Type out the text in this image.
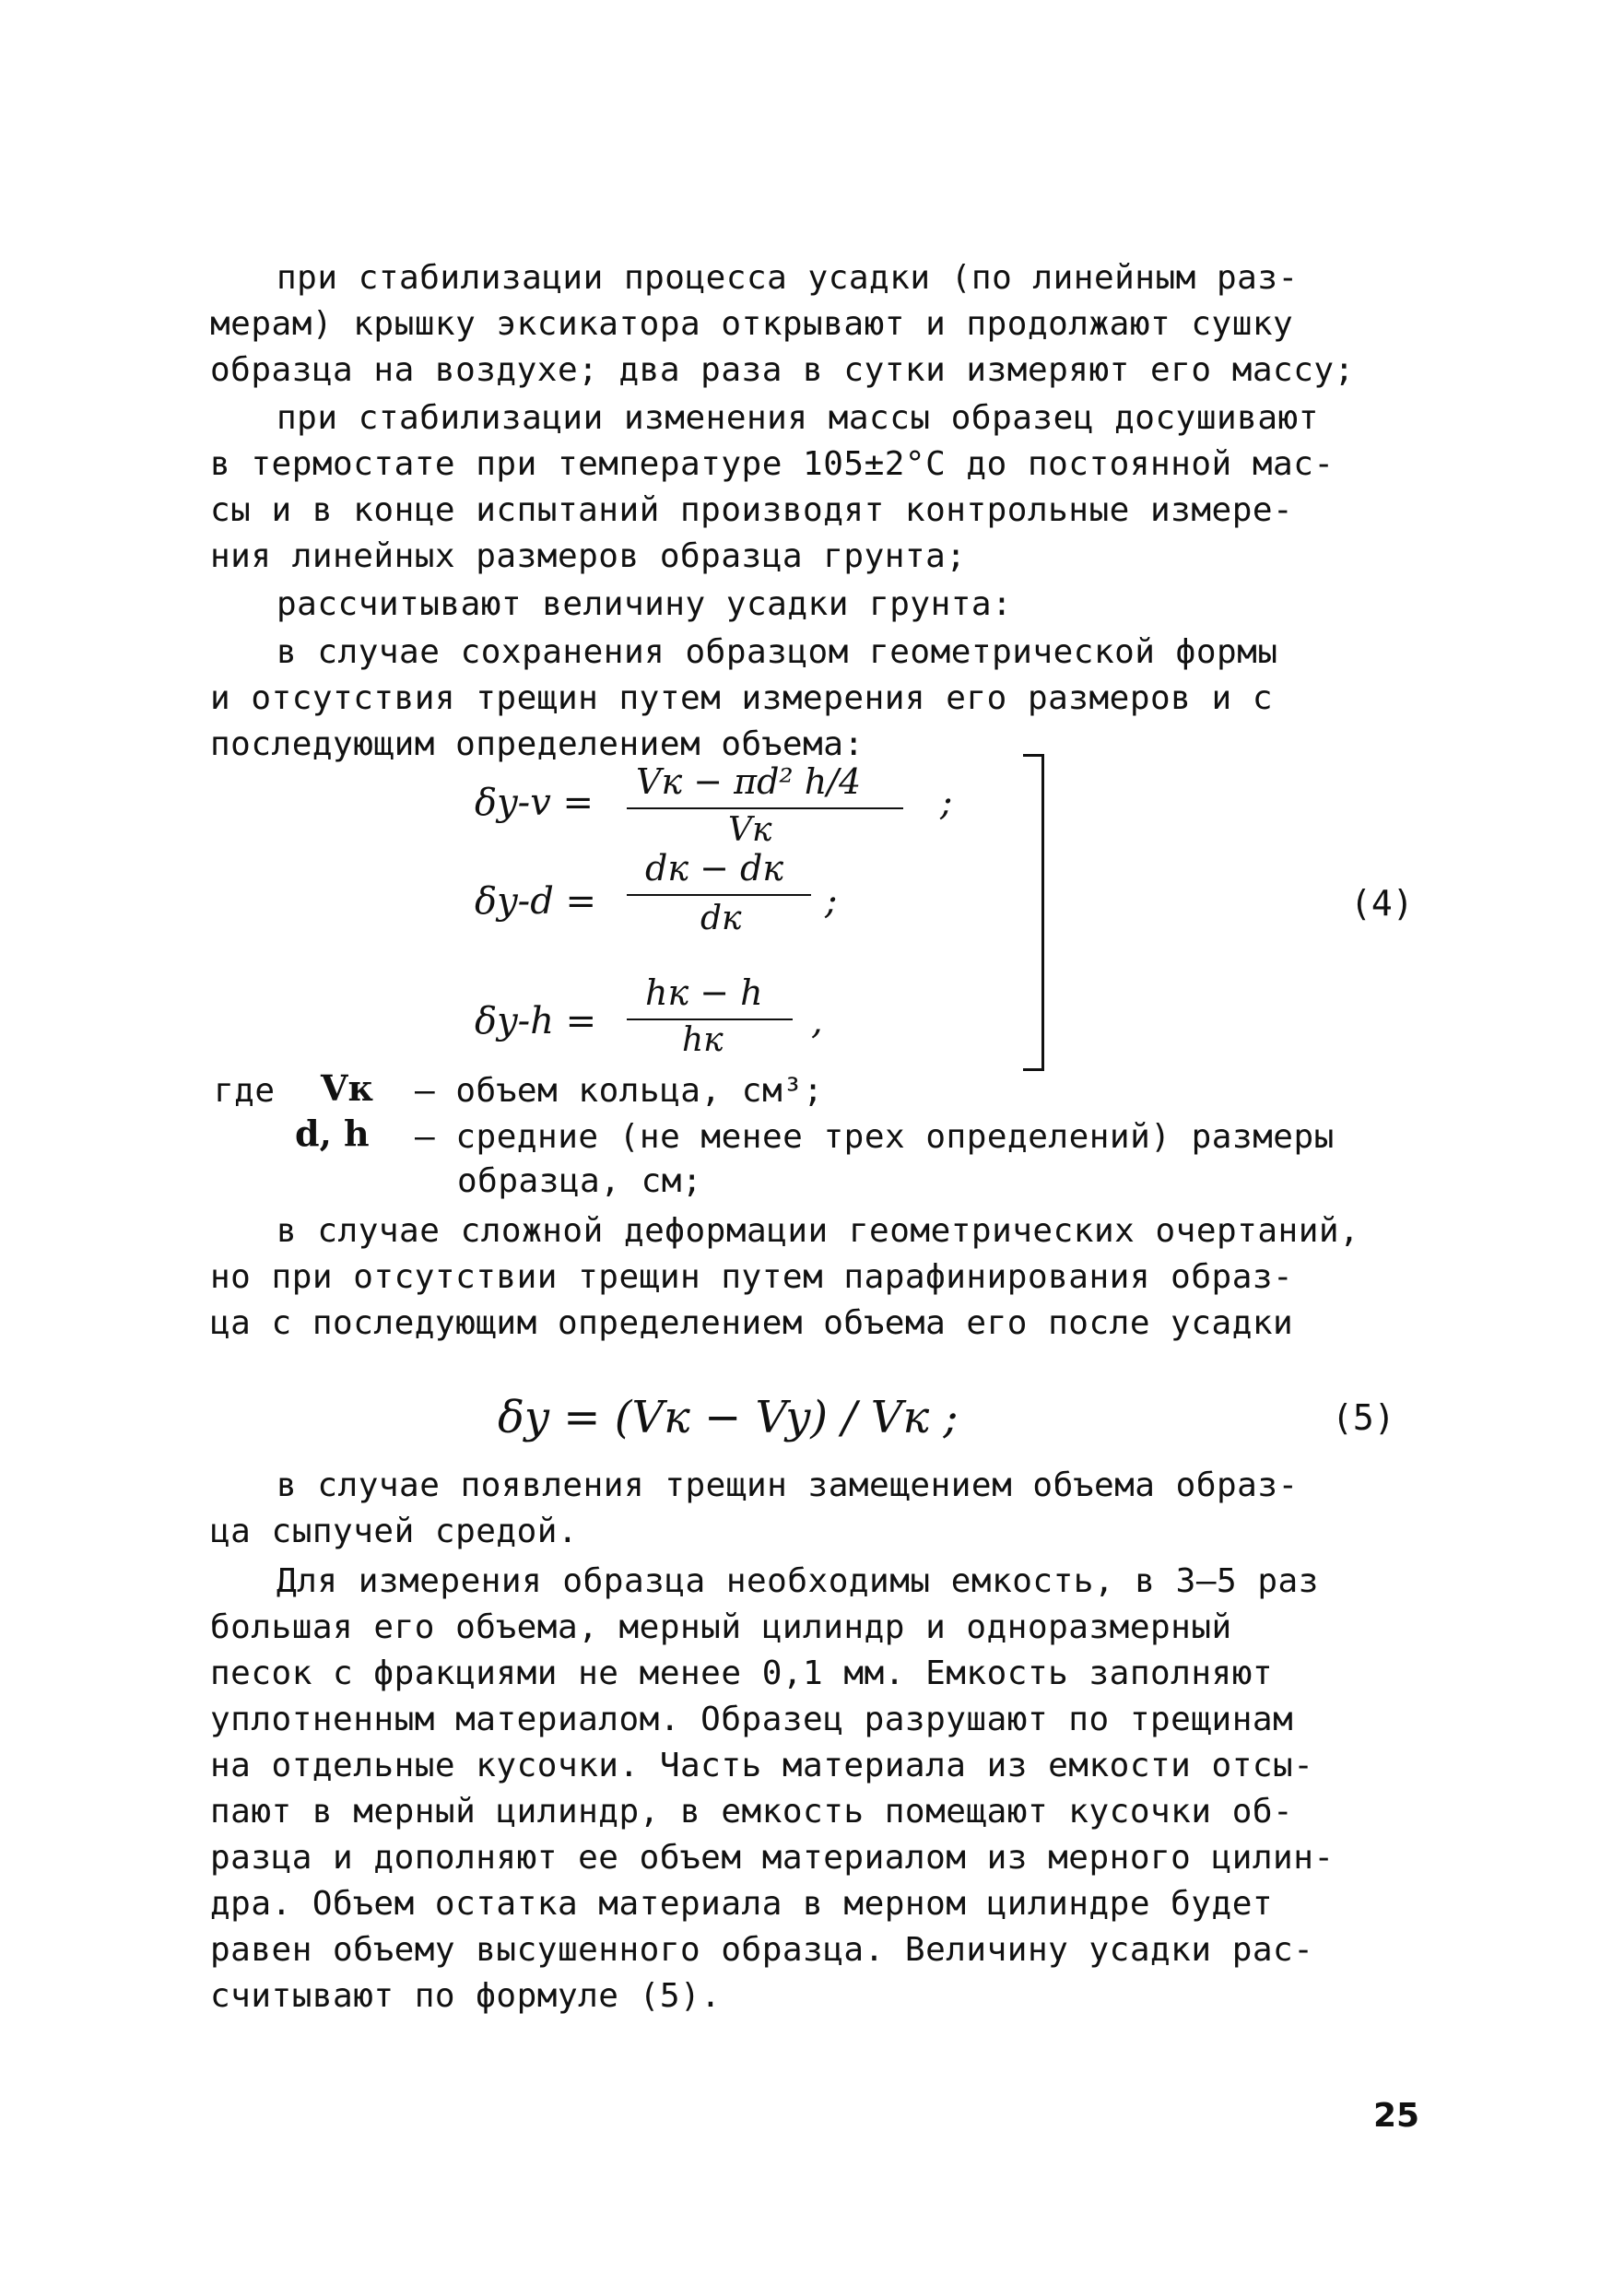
при стабилизации процесса усадки (по линейным раз-
мерам) крышку эксикатора открывают и продолжают сушку
образца на воздухе; два раза в сутки измеряют его массу;
при стабилизации изменения массы образец досушивают
в термостате при температуре 105±2°С до постоянной мас-
сы и в конце испытаний производят контрольные измере-
ния линейных размеров образца грунта;
рассчитывают величину усадки грунта:
в случае сохранения образцом геометрической формы
и отсутствия трещин путем измерения его размеров и с
последующим определением объема:
δy-v = Vк − πd² h/4
Vк
;
δy-d =
dк − dк
dк ;
δy-h =
hк − h
hк ,
(4)
где Vк – объем кольца, см³;
d, h – средние (не менее трех определений) размеры
образца, см;
в случае сложной деформации геометрических очертаний,
но при отсутствии трещин путем парафинирования образ-
ца с последующим определением объема его после усадки
δy = (Vк − Vy) / Vк ;	(5)
в случае появления трещин замещением объема образ-
ца сыпучей средой.
Для измерения образца необходимы емкость, в 3–5 раз
большая его объема, мерный цилиндр и одноразмерный
песок с фракциями не менее 0,1 мм. Емкость заполняют
уплотненным материалом. Образец разрушают по трещинам
на отдельные кусочки. Часть материала из емкости отсы-
пают в мерный цилиндр, в емкость помещают кусочки об-
разца и дополняют ее объем материалом из мерного цилин-
дра. Объем остатка материала в мерном цилиндре будет
равен объему высушенного образца. Величину усадки рас-
считывают по формуле (5).
25
